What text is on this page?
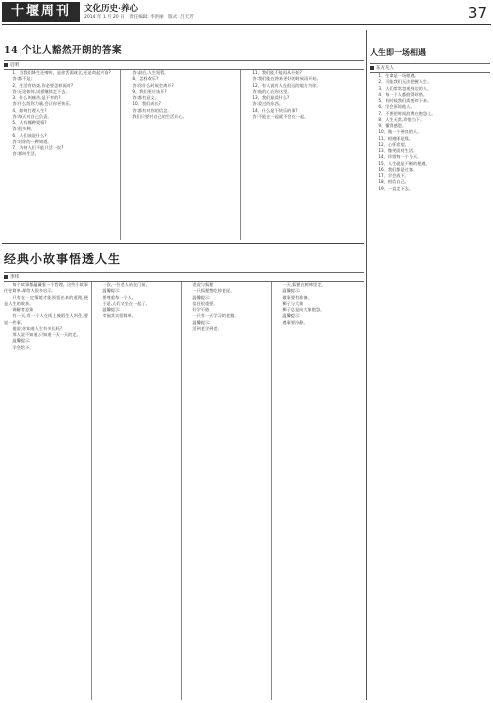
十堰周刊	文化历史·养心
2014 年 1 月 20 日　责任编辑: 李洪丽　版式: 吕天芳	37
14 个让人豁然开朗的答案
启明

1、当我们降生还啼叫，是你丢弱或全,还是命起兴奋?

答:都不是;

2、生活有结束,你必要怎样面对?

答:无论如何,试着继续走下去。

3、什么叫痛苦,是不幸的?

答:什么给你力量,会让你更快乐。

4、如何打理人生?

答:每天对自己负责。

5、人有哪种爱情?

答:很多种。

6、人们该说什么?

答:对你的一种知道。

7、为何人们不能只活一次?

答:那叫生活。

答:最后,人生短暂。

8、怎样欢乐?

答:你什么时候会离开?

9、我们更应该开?

答:都有意义。

10、我们成长?

答:都有对你的信念。

我们只要对自己的生活开心。

11、我们能不能再从开始?

答:我们能在将来更好的时候再开始。

12、有人说有人在很远的地方为你。

答:他的心在你这里。

13、我们最爱什么?

答:爱过的东西。

14、什么是不快乐的事?

答:不能在一起就不会在一起。

经典小故事悟透人生
李纬

每个故事都蕴藏着一个哲理。这些小故事往往简单,却给人很多启示。

只有在一定情境才能领悟出来的道理,便是人生的收获。

调解者意象

有一天,有一个人在街上被陌生人叫住,要说一件事。

他说:你知道人生有多长吗?

那人说不知道,只知道一天一天的走。

温馨提示:

学会给予。

一次,一位老人站在门前。

温馨提示:

要尊重每一个人。

于是,人们又坐在一起了。

温馨提示:

幸福其实很简单。

老虎与狐狸

一只狐狸想吃掉老虎。

温馨提示:

信任很重要。

好学不倦

一只有一天学习的老狼。

温馨提示:

活到老学到老。

一天,狐狸在树林里走。

温馨提示:

做事要有准备。

狮子与大象

狮子总是向大象抱怨。

温馨提示:

遇事要冷静。

人生即一场相遇
东方凡人

1、生命是一场相遇。

2、可能我们无法把握人生。

3、人们常常忽视身边的人。

4、每一个人都值得珍惜。

5、有时候我们需要停下来。

6、学会原谅他人。

7、不要把时间浪费在抱怨上。

8、人生无常,珍惜当下。

9、懂得感恩。

10、做一个善良的人。

11、相遇即是缘。

12、心怀希望。

13、微笑面对生活。

14、珍惜每一个今天。

15、人生就是不断的相遇。

16、我们都是过客。

17、学会放下。

18、相信自己。

19、一直走下去。
